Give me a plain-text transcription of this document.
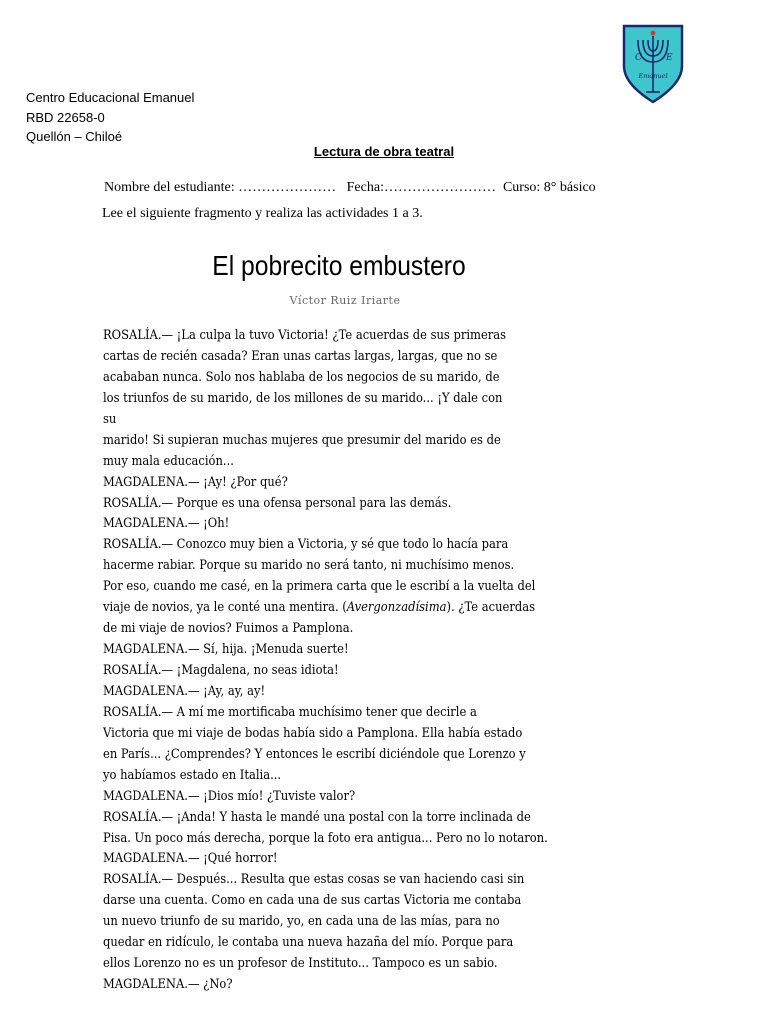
C	E
Emanuel
Centro Educacional Emanuel
RBD 22658-0
Quellón – Chiloé
Lectura de obra teatral
Nombre del estudiante: ………………… Fecha:…………………… Curso: 8° básico
Lee el siguiente fragmento y realiza las actividades 1 a 3.
El pobrecito embustero
Víctor Ruiz Iriarte
ROSALÍA.— ¡La culpa la tuvo Victoria! ¿Te acuerdas de sus primeras
cartas de recién casada? Eran unas cartas largas, largas, que no se
acababan nunca. Solo nos hablaba de los negocios de su marido, de
los triunfos de su marido, de los millones de su marido... ¡Y dale con
su
marido! Si supieran muchas mujeres que presumir del marido es de
muy mala educación...
MAGDALENA.— ¡Ay! ¿Por qué?
ROSALÍA.— Porque es una ofensa personal para las demás.
MAGDALENA.— ¡Oh!
ROSALÍA.— Conozco muy bien a Victoria, y sé que todo lo hacía para
hacerme rabiar. Porque su marido no será tanto, ni muchísimo menos.
Por eso, cuando me casé, en la primera carta que le escribí a la vuelta del
viaje de novios, ya le conté una mentira. (Avergonzadísima). ¿Te acuerdas
de mi viaje de novios? Fuimos a Pamplona.
MAGDALENA.— Sí, hija. ¡Menuda suerte!
ROSALÍA.— ¡Magdalena, no seas idiota!
MAGDALENA.— ¡Ay, ay, ay!
ROSALÍA.— A mí me mortificaba muchísimo tener que decirle a
Victoria que mi viaje de bodas había sido a Pamplona. Ella había estado
en París... ¿Comprendes? Y entonces le escribí diciéndole que Lorenzo y
yo habíamos estado en Italia...
MAGDALENA.— ¡Dios mío! ¿Tuviste valor?
ROSALÍA.— ¡Anda! Y hasta le mandé una postal con la torre inclinada de
Pisa. Un poco más derecha, porque la foto era antigua... Pero no lo notaron.
MAGDALENA.— ¡Qué horror!
ROSALÍA.— Después... Resulta que estas cosas se van haciendo casi sin
darse una cuenta. Como en cada una de sus cartas Victoria me contaba
un nuevo triunfo de su marido, yo, en cada una de las mías, para no
quedar en ridículo, le contaba una nueva hazaña del mío. Porque para
ellos Lorenzo no es un profesor de Instituto... Tampoco es un sabio.
MAGDALENA.— ¿No?
